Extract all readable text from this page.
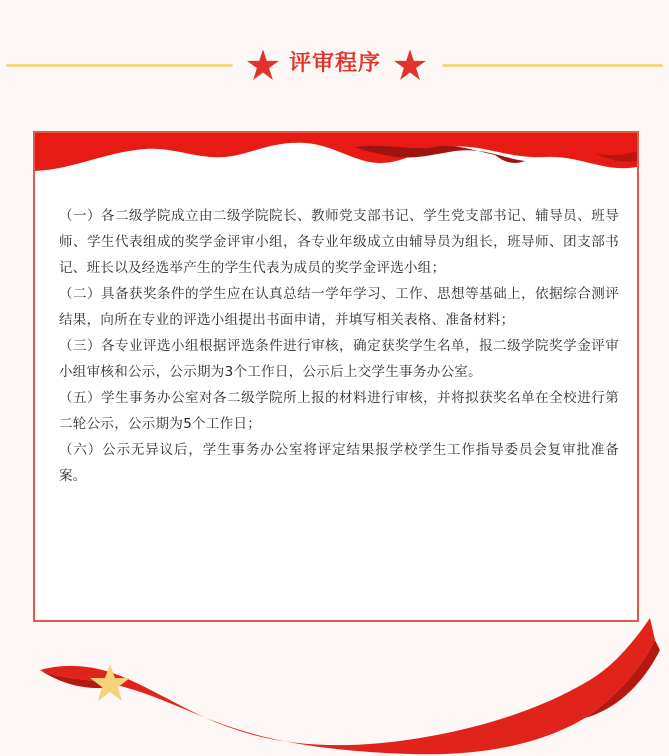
评审程序

（一）各二级学院成立由二级学院院长、教师党支部书记、学生党支部书记、辅导员、班导师、学生代表组成的奖学金评审小组，各专业年级成立由辅导员为组长，班导师、团支部书记、班长以及经选举产生的学生代表为成员的奖学金评选小组；

（二）具备获奖条件的学生应在认真总结一学年学习、工作、思想等基础上，依据综合测评结果，向所在专业的评选小组提出书面申请，并填写相关表格、准备材料；

（三）各专业评选小组根据评选条件进行审核，确定获奖学生名单，报二级学院奖学金评审小组审核和公示，公示期为3个工作日，公示后上交学生事务办公室。

（五）学生事务办公室对各二级学院所上报的材料进行审核，并将拟获奖名单在全校进行第二轮公示，公示期为5个工作日；

（六）公示无异议后，学生事务办公室将评定结果报学校学生工作指导委员会复审批准备案。
